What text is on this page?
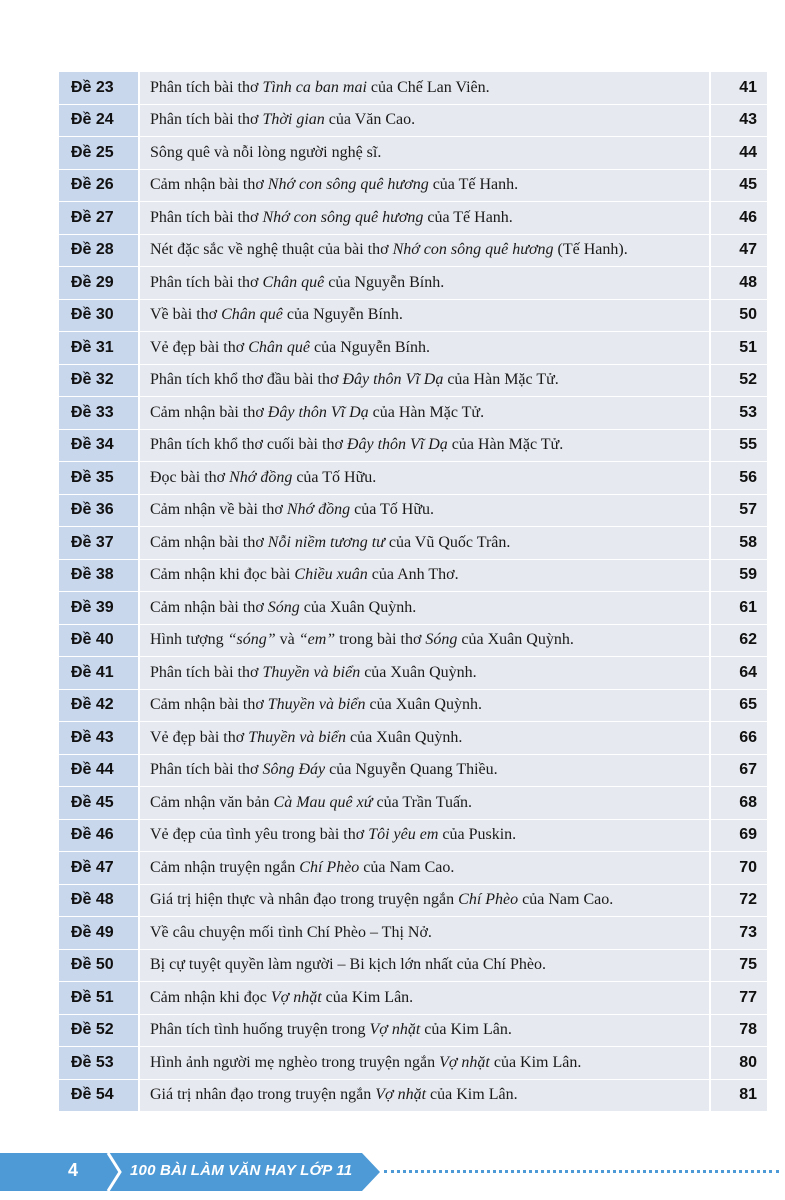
Đề 23	Phân tích bài thơ Tình ca ban mai của Chế Lan Viên.	41
Đề 24	Phân tích bài thơ Thời gian của Văn Cao.	43
Đề 25	Sông quê và nỗi lòng người nghệ sĩ.	44
Đề 26	Cảm nhận bài thơ Nhớ con sông quê hương của Tế Hanh.	45
Đề 27	Phân tích bài thơ Nhớ con sông quê hương của Tế Hanh.	46
Đề 28	Nét đặc sắc về nghệ thuật của bài thơ Nhớ con sông quê hương (Tế Hanh).	47
Đề 29	Phân tích bài thơ Chân quê của Nguyễn Bính.	48
Đề 30	Về bài thơ Chân quê của Nguyễn Bính.	50
Đề 31	Vẻ đẹp bài thơ Chân quê của Nguyễn Bính.	51
Đề 32	Phân tích khổ thơ đầu bài thơ Đây thôn Vĩ Dạ của Hàn Mặc Tử.	52
Đề 33	Cảm nhận bài thơ Đây thôn Vĩ Dạ của Hàn Mặc Tử.	53
Đề 34	Phân tích khổ thơ cuối bài thơ Đây thôn Vĩ Dạ của Hàn Mặc Tử.	55
Đề 35	Đọc bài thơ Nhớ đồng của Tố Hữu.	56
Đề 36	Cảm nhận về bài thơ Nhớ đồng của Tố Hữu.	57
Đề 37	Cảm nhận bài thơ Nỗi niềm tương tư của Vũ Quốc Trân.	58
Đề 38	Cảm nhận khi đọc bài Chiều xuân của Anh Thơ.	59
Đề 39	Cảm nhận bài thơ Sóng của Xuân Quỳnh.	61
Đề 40	Hình tượng “sóng” và “em” trong bài thơ Sóng của Xuân Quỳnh.	62
Đề 41	Phân tích bài thơ Thuyền và biển của Xuân Quỳnh.	64
Đề 42	Cảm nhận bài thơ Thuyền và biển của Xuân Quỳnh.	65
Đề 43	Vẻ đẹp bài thơ Thuyền và biển của Xuân Quỳnh.	66
Đề 44	Phân tích bài thơ Sông Đáy của Nguyễn Quang Thiều.	67
Đề 45	Cảm nhận văn bản Cà Mau quê xứ của Trần Tuấn.	68
Đề 46	Vẻ đẹp của tình yêu trong bài thơ Tôi yêu em của Puskin.	69
Đề 47	Cảm nhận truyện ngắn Chí Phèo của Nam Cao.	70
Đề 48	Giá trị hiện thực và nhân đạo trong truyện ngắn Chí Phèo của Nam Cao.	72
Đề 49	Về câu chuyện mối tình Chí Phèo – Thị Nở.	73
Đề 50	Bị cự tuyệt quyền làm người – Bi kịch lớn nhất của Chí Phèo.	75
Đề 51	Cảm nhận khi đọc Vợ nhặt của Kim Lân.	77
Đề 52	Phân tích tình huống truyện trong Vợ nhặt của Kim Lân.	78
Đề 53	Hình ảnh người mẹ nghèo trong truyện ngắn Vợ nhặt của Kim Lân.	80
Đề 54	Giá trị nhân đạo trong truyện ngắn Vợ nhặt của Kim Lân.	81
4	100 BÀI LÀM VĂN HAY LỚP 11
